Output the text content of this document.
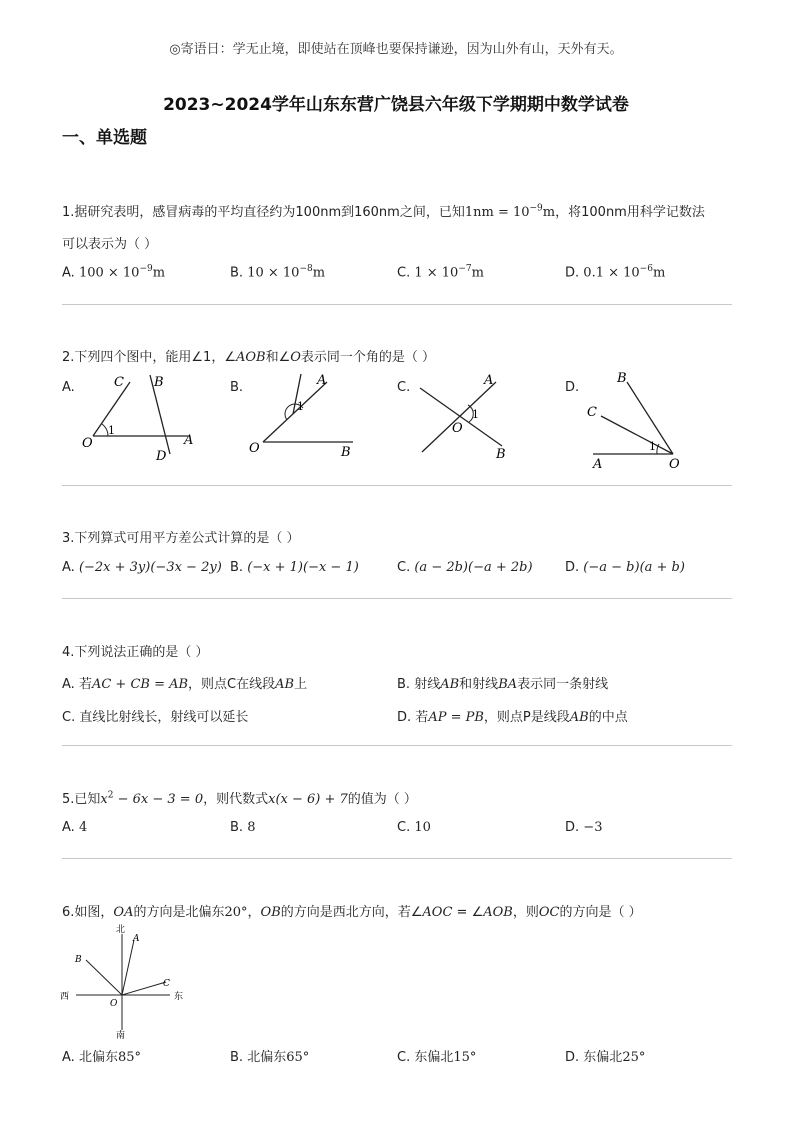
◎寄语日：学无止境，即使站在顶峰也要保持谦逊，因为山外有山，天外有天。
2023~2024学年山东东营广饶县六年级下学期期中数学试卷
一、单选题
1.据研究表明，感冒病毒的平均直径约为100nm到160nm之间，已知$1nm = 10^{-9}m$，将100nm用科学记数法
可以表示为（ ）
A. $100 \times 10^{-9}m$	B. $10 \times 10^{-8}m$	C. $1 \times 10^{-7}m$	D. $0.1 \times 10^{-6}m$
2.下列四个图中，能用∠1，∠AOB和∠O表示同一个角的是（ ）
A.	B.	C.	D.
C B
O
1
A
D
A
1
O	B
A
1
O
B
B
C
1
A	O
3.下列算式可用平方差公式计算的是（ ）
A. (−2x + 3y)(−3x − 2y) B. (−x + 1)(−x − 1)	C. (a − 2b)(−a + 2b) D. (−a − b)(a + b)
4.下列说法正确的是（ ）
A. 若AC + CB = AB，则点C在线段AB上	B. 射线AB和射线BA表示同一条射线
C. 直线比射线长，射线可以延长	D. 若AP = PB，则点P是线段AB的中点
5.已知$x^2 - 6x - 3 = 0$，则代数式x(x − 6) + 7的值为（ ）
A. 4	B. 8	C. 10	D. −3
6.如图，OA的方向是北偏东20°，OB的方向是西北方向，若∠AOC = ∠AOB，则OC的方向是（ ）
北
A
B
C
西	东
O
南
A. 北偏东85°	B. 北偏东65°	C. 东偏北15°	D. 东偏北25°
